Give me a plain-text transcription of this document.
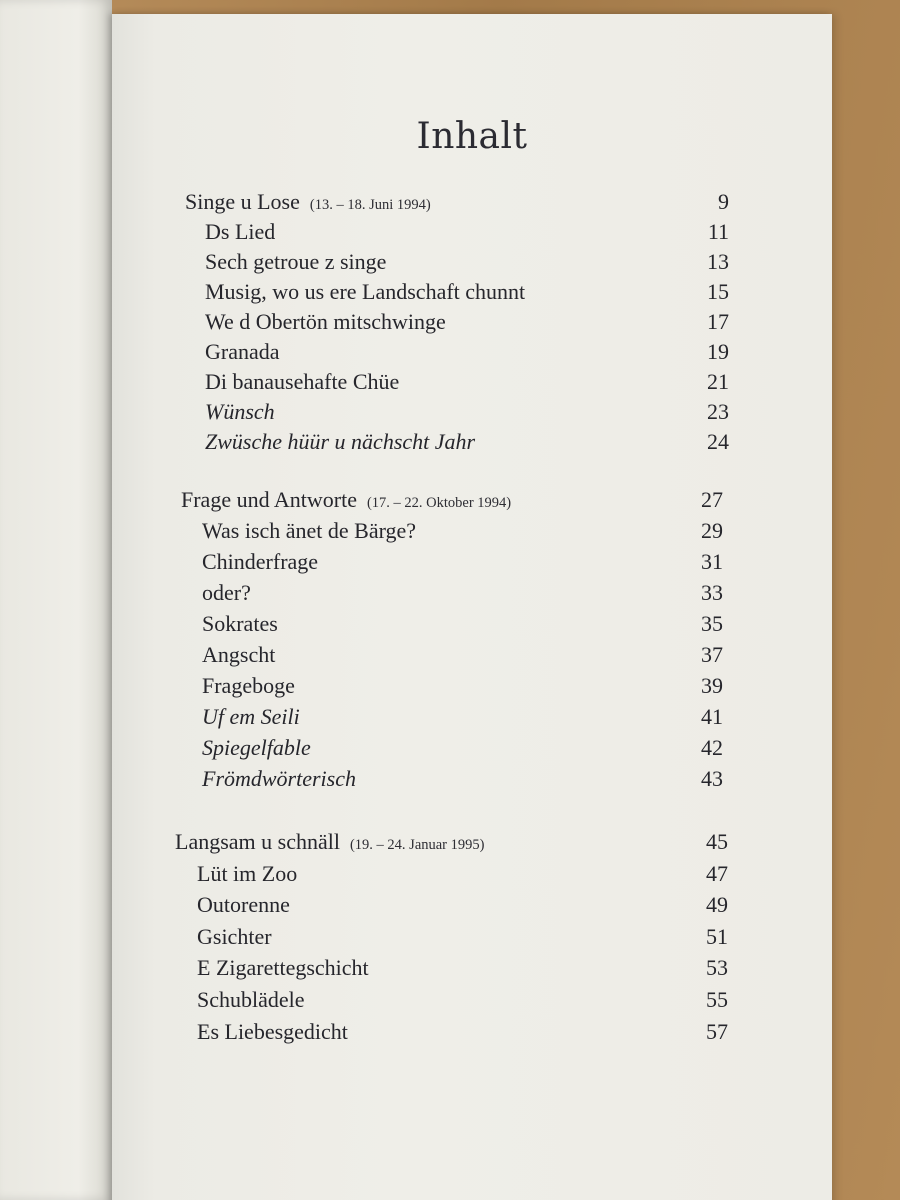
Inhalt
Singe u Lose (13. – 18. Juni 1994)	9
Ds Lied	11
Sech getroue z singe	13
Musig, wo us ere Landschaft chunnt	15
We d Obertön mitschwinge	17
Granada	19
Di banausehafte Chüe	21
Wünsch	23
Zwüsche hüür u nächscht Jahr	24
Frage und Antworte (17. – 22. Oktober 1994)	27
Was isch änet de Bärge?	29
Chinderfrage	31
oder?	33
Sokrates	35
Angscht	37
Frageboge	39
Uf em Seili	41
Spiegelfable	42
Frömdwörterisch	43
Langsam u schnäll (19. – 24. Januar 1995)	45
Lüt im Zoo	47
Outorenne	49
Gsichter	51
E Zigarettegschicht	53
Schublädele	55
Es Liebesgedicht	57
